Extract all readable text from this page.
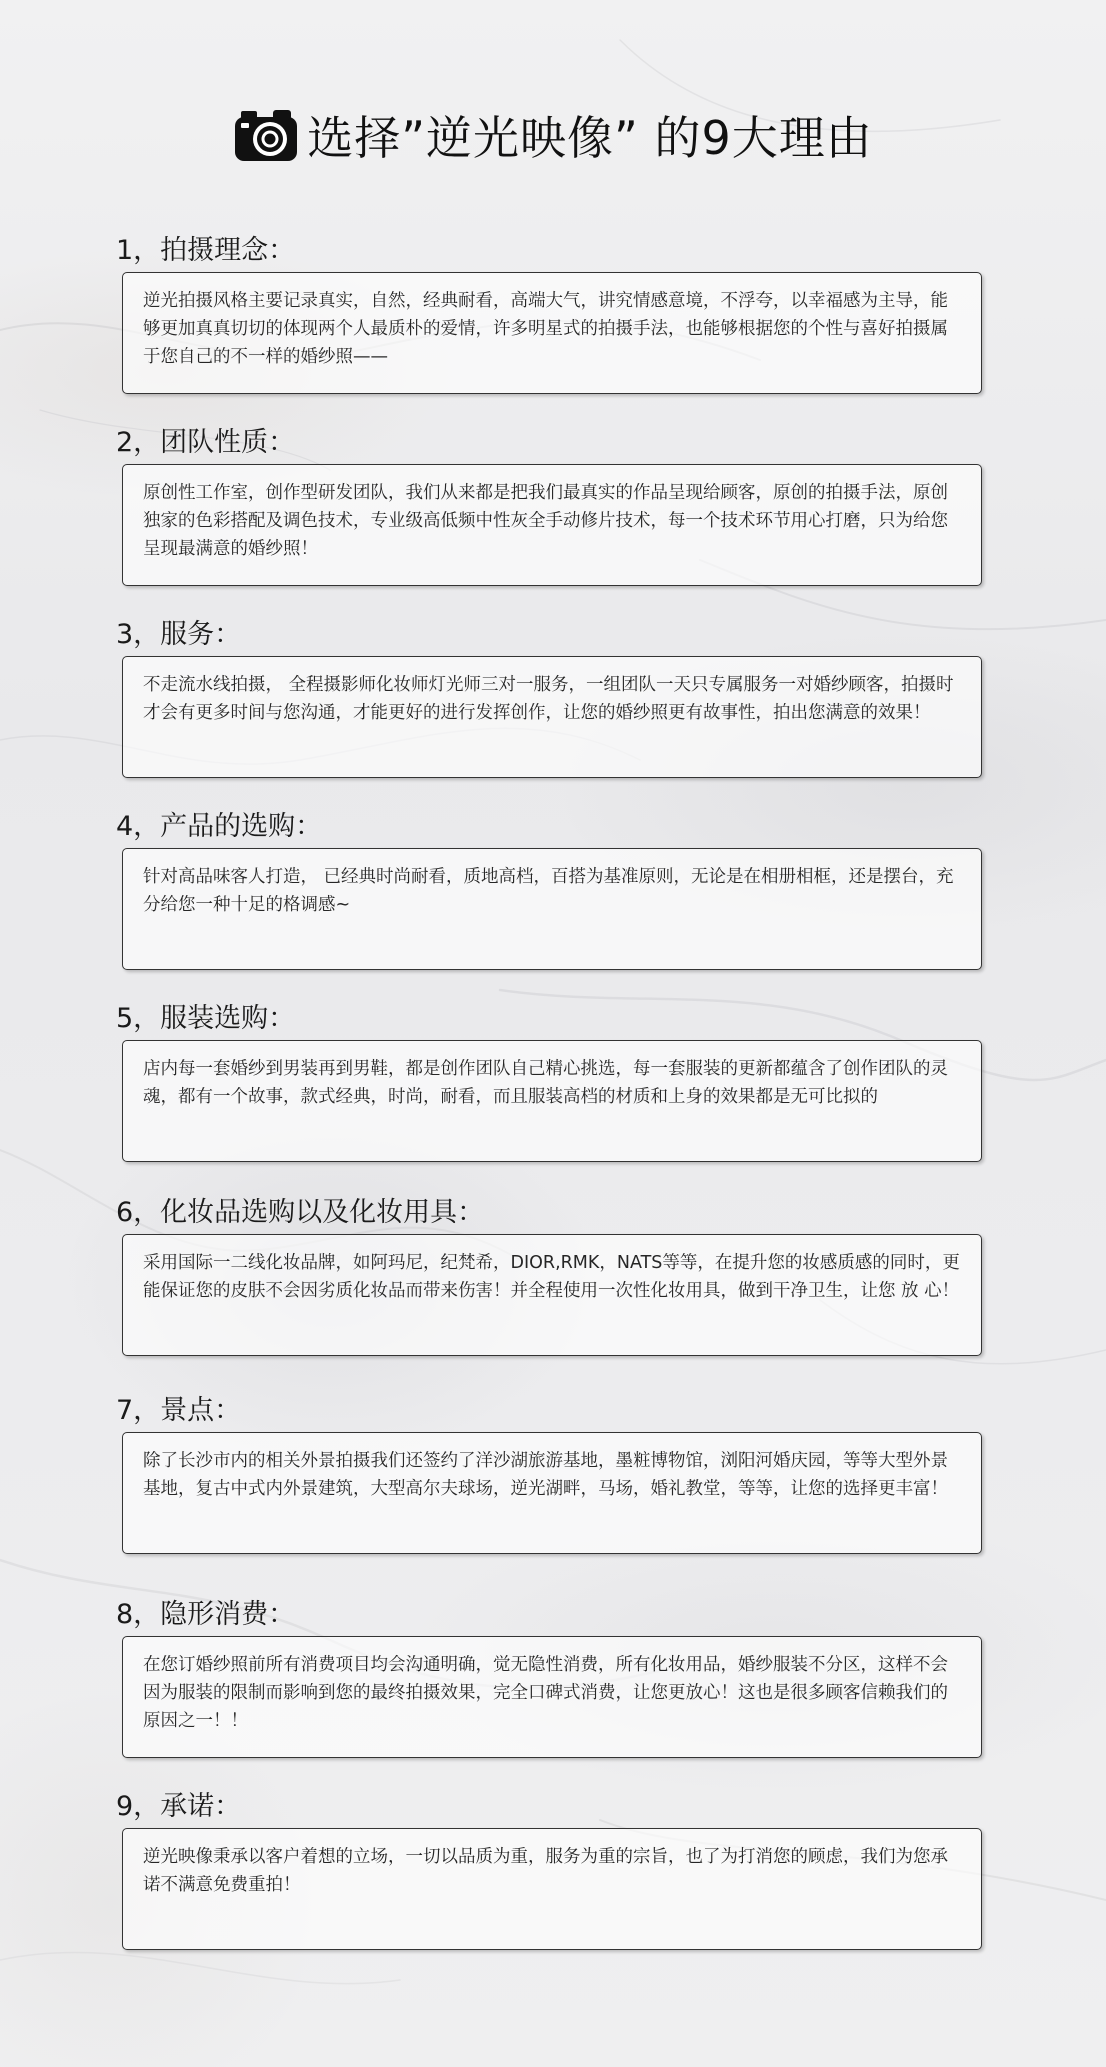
选择”逆光映像” 的9大理由
1，拍摄理念：
逆光拍摄风格主要记录真实，自然，经典耐看，高端大气，讲究情感意境，不浮夸，以幸福感为主导，能够更加真真切切的体现两个人最质朴的爱情，许多明星式的拍摄手法，也能够根据您的个性与喜好拍摄属于您自己的不一样的婚纱照——
2，团队性质：
原创性工作室，创作型研发团队，我们从来都是把我们最真实的作品呈现给顾客，原创的拍摄手法，原创独家的色彩搭配及调色技术，专业级高低频中性灰全手动修片技术，每一个技术环节用心打磨，只为给您呈现最满意的婚纱照！
3，服务：
不走流水线拍摄， 全程摄影师化妆师灯光师三对一服务，一组团队一天只专属服务一对婚纱顾客，拍摄时才会有更多时间与您沟通，才能更好的进行发挥创作，让您的婚纱照更有故事性，拍出您满意的效果！
4，产品的选购：
针对高品味客人打造， 已经典时尚耐看，质地高档，百搭为基准原则，无论是在相册相框，还是摆台，充分给您一种十足的格调感~
5，服装选购：
店内每一套婚纱到男装再到男鞋，都是创作团队自己精心挑选，每一套服装的更新都蕴含了创作团队的灵魂，都有一个故事，款式经典，时尚，耐看，而且服装高档的材质和上身的效果都是无可比拟的
6，化妆品选购以及化妆用具：
采用国际一二线化妆品牌，如阿玛尼，纪梵希，DIOR,RMK，NATS等等，在提升您的妆感质感的同时，更能保证您的皮肤不会因劣质化妆品而带来伤害！并全程使用一次性化妆用具，做到干净卫生，让您 放 心！
7，景点：
除了长沙市内的相关外景拍摄我们还签约了洋沙湖旅游基地，墨粧博物馆，浏阳河婚庆园，等等大型外景基地，复古中式内外景建筑，大型高尔夫球场，逆光湖畔，马场，婚礼教堂，等等，让您的选择更丰富！
8，隐形消费：
在您订婚纱照前所有消费项目均会沟通明确，觉无隐性消费，所有化妆用品，婚纱服装不分区，这样不会因为服装的限制而影响到您的最终拍摄效果，完全口碑式消费，让您更放心！这也是很多顾客信赖我们的原因之一！！
9，承诺：
逆光映像秉承以客户着想的立场，一切以品质为重，服务为重的宗旨，也了为打消您的顾虑，我们为您承诺不满意免费重拍！
